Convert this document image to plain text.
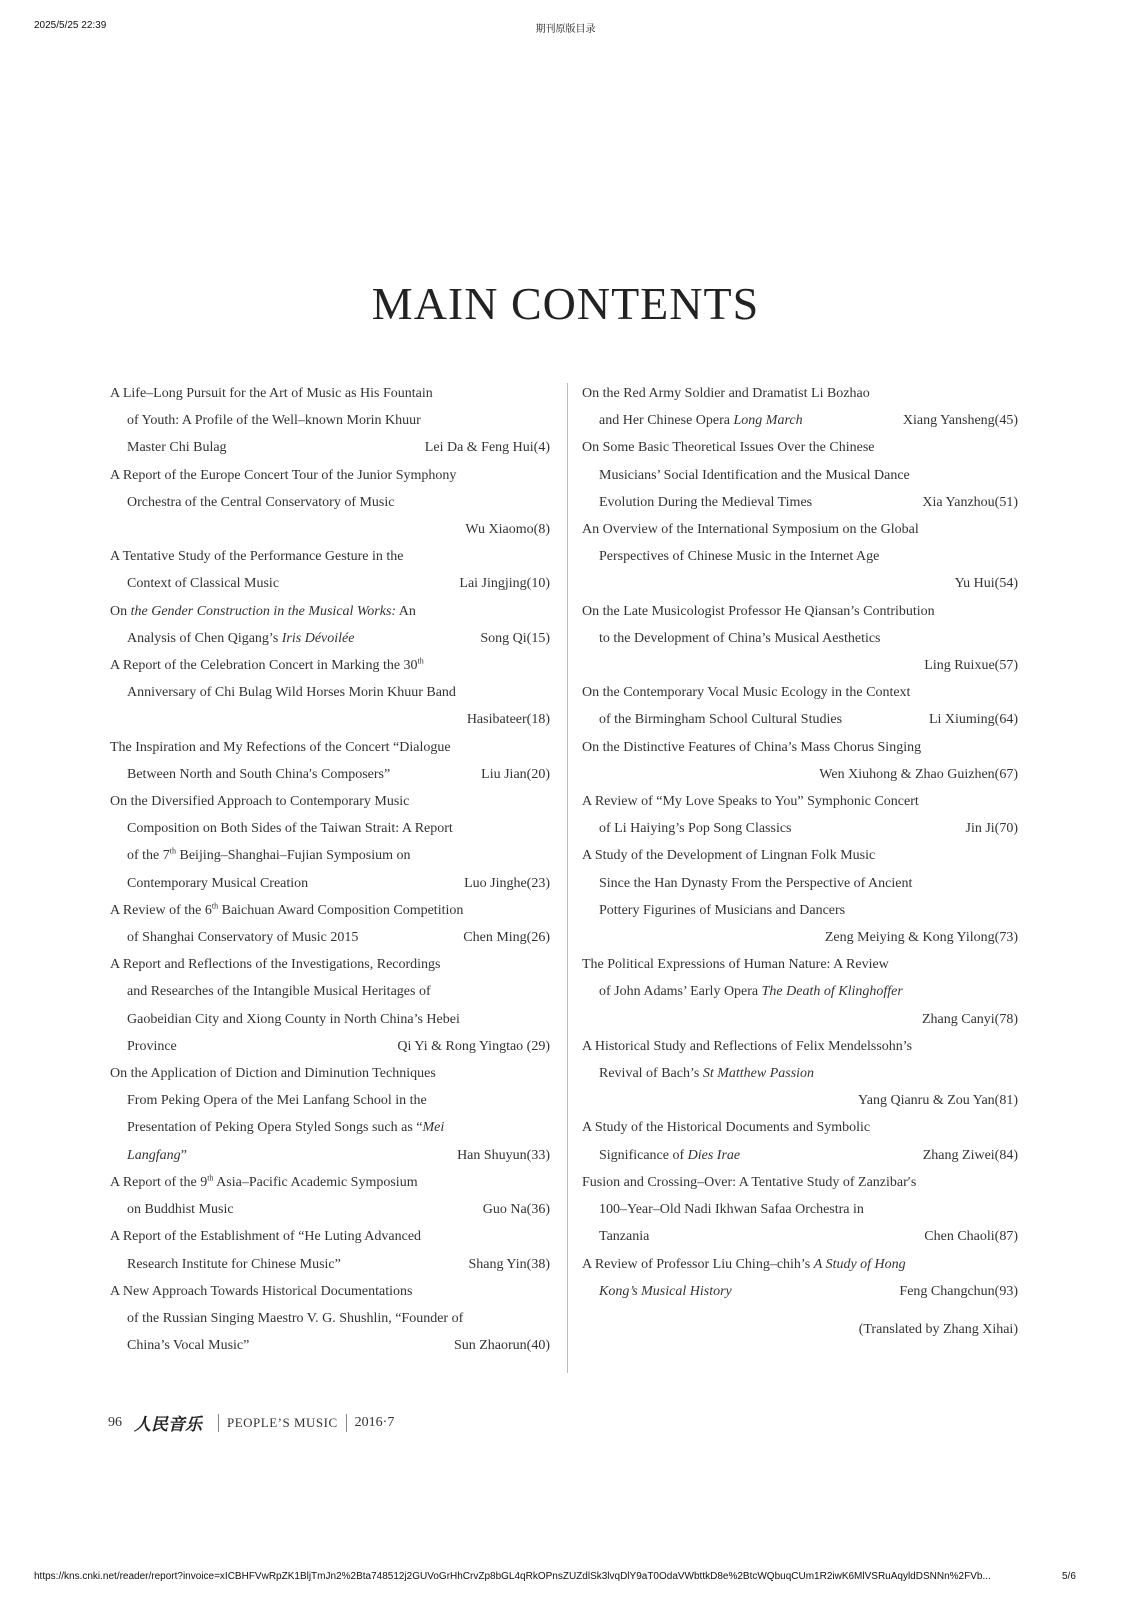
2025/5/25 22:39	期刊原版目录
MAIN CONTENTS
A Life–Long Pursuit for the Art of Music as His Fountain
of Youth: A Profile of the Well–known Morin Khuur
Master Chi Bulag	Lei Da & Feng Hui(4)
A Report of the Europe Concert Tour of the Junior Symphony
Orchestra of the Central Conservatory of Music
Wu Xiaomo(8)
A Tentative Study of the Performance Gesture in the
Context of Classical Music	Lai Jingjing(10)
On the Gender Construction in the Musical Works: An
Analysis of Chen Qigang’s Iris Dévoilée	Song Qi(15)
A Report of the Celebration Concert in Marking the 30th
Anniversary of Chi Bulag Wild Horses Morin Khuur Band
Hasibateer(18)
The Inspiration and My Refections of the Concert “Dialogue
Between North and South China′s Composers”	Liu Jian(20)
On the Diversified Approach to Contemporary Music
Composition on Both Sides of the Taiwan Strait: A Report
of the 7th Beijing–Shanghai–Fujian Symposium on
Contemporary Musical Creation	Luo Jinghe(23)
A Review of the 6th Baichuan Award Composition Competition
of Shanghai Conservatory of Music 2015	Chen Ming(26)
A Report and Reflections of the Investigations, Recordings
and Researches of the Intangible Musical Heritages of
Gaobeidian City and Xiong County in North China’s Hebei
Province	Qi Yi & Rong Yingtao (29)
On the Application of Diction and Diminution Techniques
From Peking Opera of the Mei Lanfang School in the
Presentation of Peking Opera Styled Songs such as “Mei
Langfang”	Han Shuyun(33)
A Report of the 9th Asia–Pacific Academic Symposium
on Buddhist Music	Guo Na(36)
A Report of the Establishment of “He Luting Advanced
Research Institute for Chinese Music”	Shang Yin(38)
A New Approach Towards Historical Documentations
of the Russian Singing Maestro V. G. Shushlin, “Founder of
China’s Vocal Music”	Sun Zhaorun(40)
On the Red Army Soldier and Dramatist Li Bozhao
and Her Chinese Opera Long March	Xiang Yansheng(45)
On Some Basic Theoretical Issues Over the Chinese
Musicians’ Social Identification and the Musical Dance
Evolution During the Medieval Times	Xia Yanzhou(51)
An Overview of the International Symposium on the Global
Perspectives of Chinese Music in the Internet Age
Yu Hui(54)
On the Late Musicologist Professor He Qiansan’s Contribution
to the Development of China’s Musical Aesthetics
Ling Ruixue(57)
On the Contemporary Vocal Music Ecology in the Context
of the Birmingham School Cultural Studies	Li Xiuming(64)
On the Distinctive Features of China’s Mass Chorus Singing
Wen Xiuhong & Zhao Guizhen(67)
A Review of “My Love Speaks to You” Symphonic Concert
of Li Haiying’s Pop Song Classics	Jin Ji(70)
A Study of the Development of Lingnan Folk Music
Since the Han Dynasty From the Perspective of Ancient
Pottery Figurines of Musicians and Dancers
Zeng Meiying & Kong Yilong(73)
The Political Expressions of Human Nature: A Review
of John Adams’ Early Opera The Death of Klinghoffer
Zhang Canyi(78)
A Historical Study and Reflections of Felix Mendelssohn’s
Revival of Bach’s St Matthew Passion
Yang Qianru & Zou Yan(81)
A Study of the Historical Documents and Symbolic
Significance of Dies Irae	Zhang Ziwei(84)
Fusion and Crossing–Over: A Tentative Study of Zanzibar′s
100–Year–Old Nadi Ikhwan Safaa Orchestra in
Tanzania	Chen Chaoli(87)
A Review of Professor Liu Ching–chih’s A Study of Hong
Kong’s Musical History	Feng Changchun(93)
(Translated by Zhang Xihai)
96 人民音乐 PEOPLE’S MUSIC 2016·7
https://kns.cnki.net/reader/report?invoice=xICBHFVwRpZK1BljTmJn2%2Bta748512j2GUVoGrHhCrvZp8bGL4qRkOPnsZUZdlSk3lvqDlY9aT0OdaVWbttkD8e%2BtcWQbuqCUm1R2iwK6MlVSRuAqyldDSNNn%2FVb...	5/6
